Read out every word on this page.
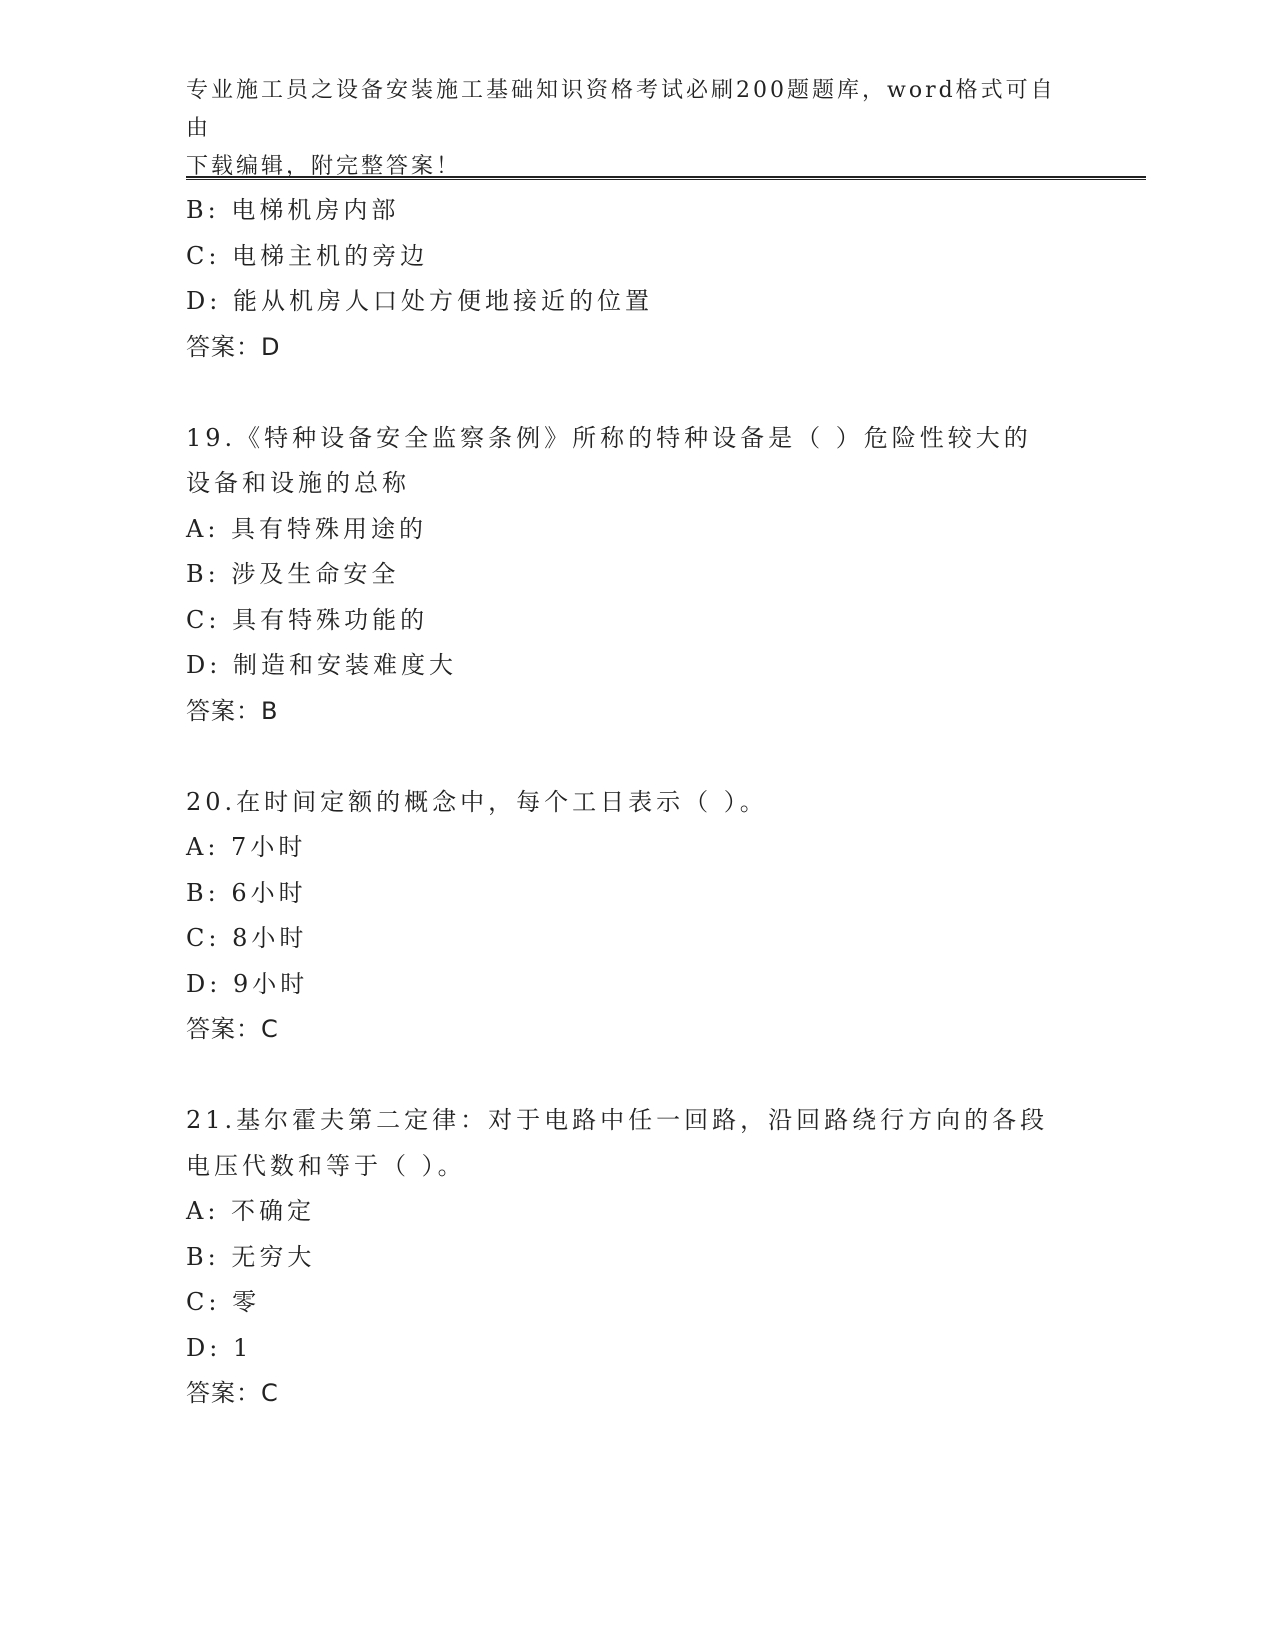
专业施工员之设备安装施工基础知识资格考试必刷200题题库，word格式可自由
下载编辑，附完整答案！
B: 电梯机房内部
C: 电梯主机的旁边
D: 能从机房人口处方便地接近的位置
答案：D
19.《特种设备安全监察条例》所称的特种设备是（ ）危险性较大的
设备和设施的总称
A: 具有特殊用途的
B: 涉及生命安全
C: 具有特殊功能的
D: 制造和安装难度大
答案：B
20.在时间定额的概念中，每个工日表示（ ）。
A: 7小时
B: 6小时
C: 8小时
D: 9小时
答案：C
21.基尔霍夫第二定律：对于电路中任一回路，沿回路绕行方向的各段
电压代数和等于（ ）。
A: 不确定
B: 无穷大
C: 零
D: 1
答案：C
